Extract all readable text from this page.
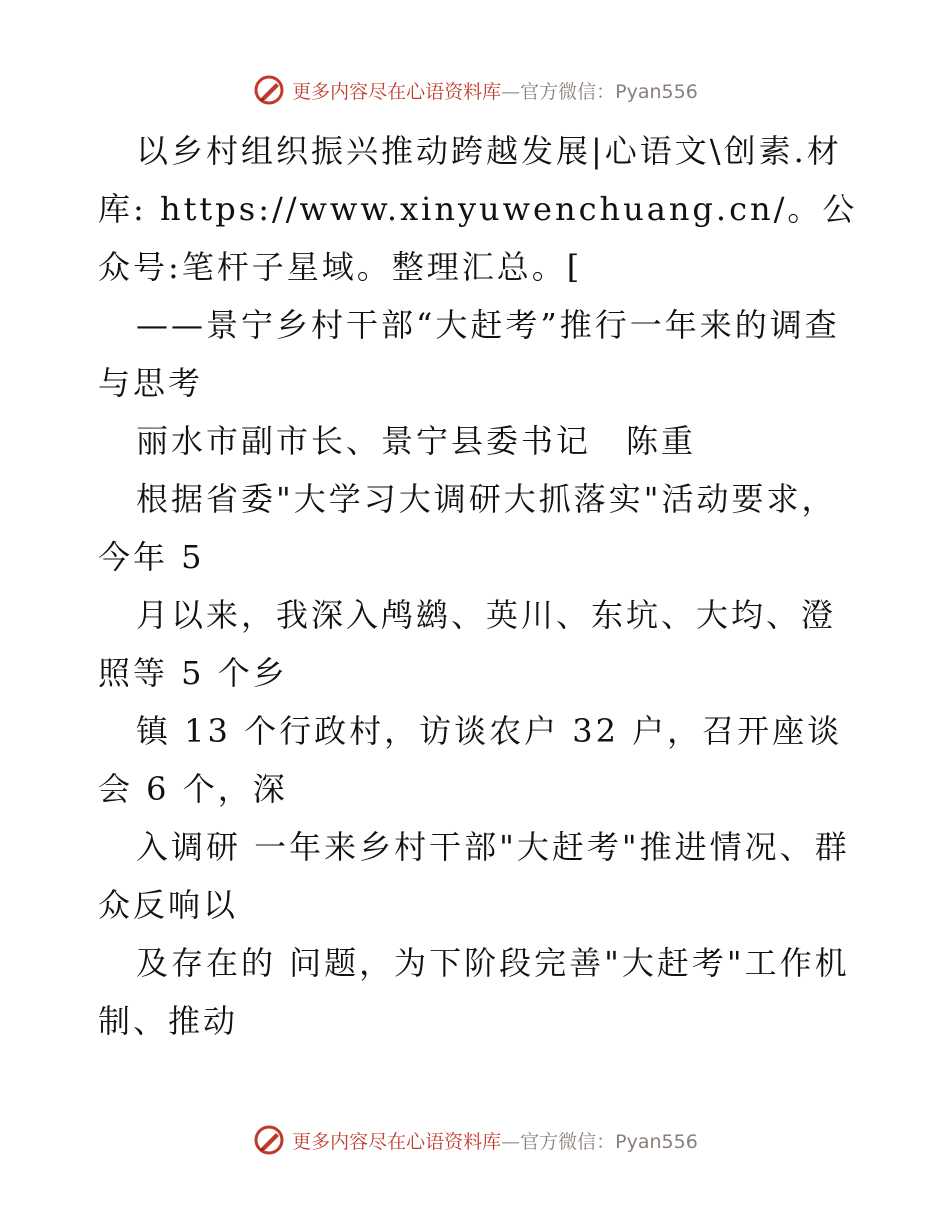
更多内容尽在心语资料库—官方微信：Pyan556

以乡村组织振兴推动跨越发展|心语文\创素.材库: https://www.xinyuwenchuang.cn/。公众号:笔杆子星域。整理汇总。[

——景宁乡村干部“大赶考”推行一年来的调查与思考

丽水市副市长、景宁县委书记　陈重

根据省委"大学习大调研大抓落实"活动要求，今年 5

月以来，我深入鸬鹚、英川、东坑、大均、澄照等 5 个乡

镇 13 个行政村，访谈农户 32 户，召开座谈会 6 个，深

入调研 一年来乡村干部"大赶考"推进情况、群众反响以

及存在的 问题，为下阶段完善"大赶考"工作机制、推动

更多内容尽在心语资料库—官方微信：Pyan556
